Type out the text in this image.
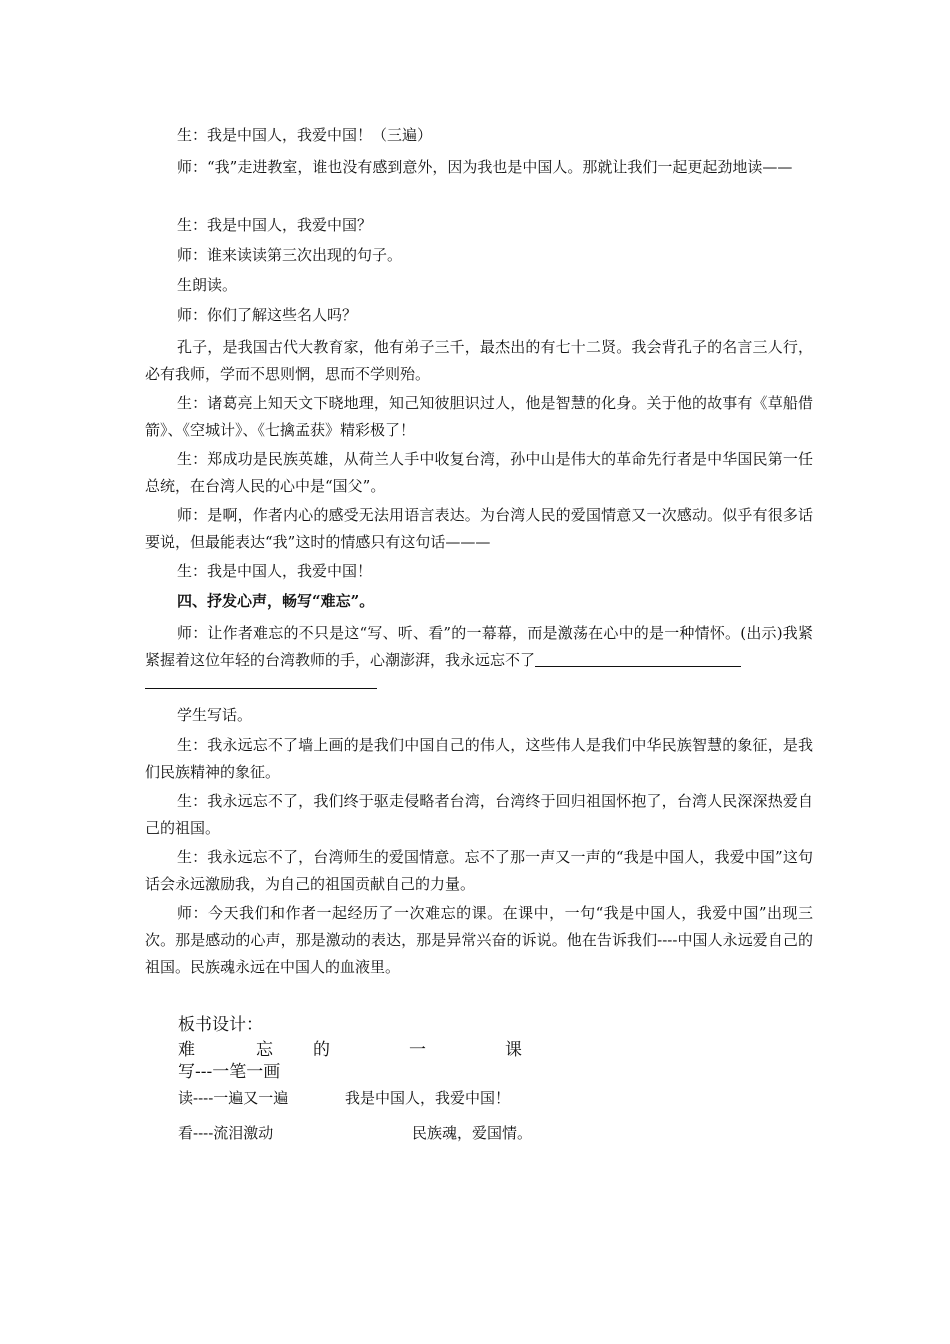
生：我是中国人，我爱中国！（三遍）

师：“我”走进教室，谁也没有感到意外，因为我也是中国人。那就让我们一起更起劲地读——

生：我是中国人，我爱中国？

师：谁来读读第三次出现的句子。

生朗读。

师：你们了解这些名人吗？

孔子，是我国古代大教育家，他有弟子三千，最杰出的有七十二贤。我会背孔子的名言三人行，必有我师，学而不思则惘，思而不学则殆。

生：诸葛亮上知天文下晓地理，知己知彼胆识过人，他是智慧的化身。关于他的故事有《草船借箭》、《空城计》、《七擒孟获》精彩极了！

生：郑成功是民族英雄，从荷兰人手中收复台湾，孙中山是伟大的革命先行者是中华国民第一任总统，在台湾人民的心中是“国父”。

师：是啊，作者内心的感受无法用语言表达。为台湾人民的爱国情意又一次感动。似乎有很多话要说，但最能表达“我”这时的情感只有这句话———

生：我是中国人，我爱中国！

四、抒发心声，畅写“难忘”。

师：让作者难忘的不只是这“写、听、看”的一幕幕，而是激荡在心中的是一种情怀。(出示)我紧紧握着这位年轻的台湾教师的手，心潮澎湃，我永远忘不了

学生写话。

生：我永远忘不了墙上画的是我们中国自己的伟人，这些伟人是我们中华民族智慧的象征，是我们民族精神的象征。

生：我永远忘不了，我们终于驱走侵略者台湾，台湾终于回归祖国怀抱了，台湾人民深深热爱自己的祖国。

生：我永远忘不了，台湾师生的爱国情意。忘不了那一声又一声的“我是中国人，我爱中国”这句话会永远激励我，为自己的祖国贡献自己的力量。

师：今天我们和作者一起经历了一次难忘的课。在课中，一句“我是中国人，我爱中国”出现三次。那是感动的心声，那是激动的表达，那是异常兴奋的诉说。他在告诉我们----中国人永远爱自己的祖国。民族魂永远在中国人的血液里。

板书设计：
难	忘 的	一	课
写---一笔一画
读----一遍又一遍	我是中国人，我爱中国！
看----流泪激动	民族魂，爱国情。
